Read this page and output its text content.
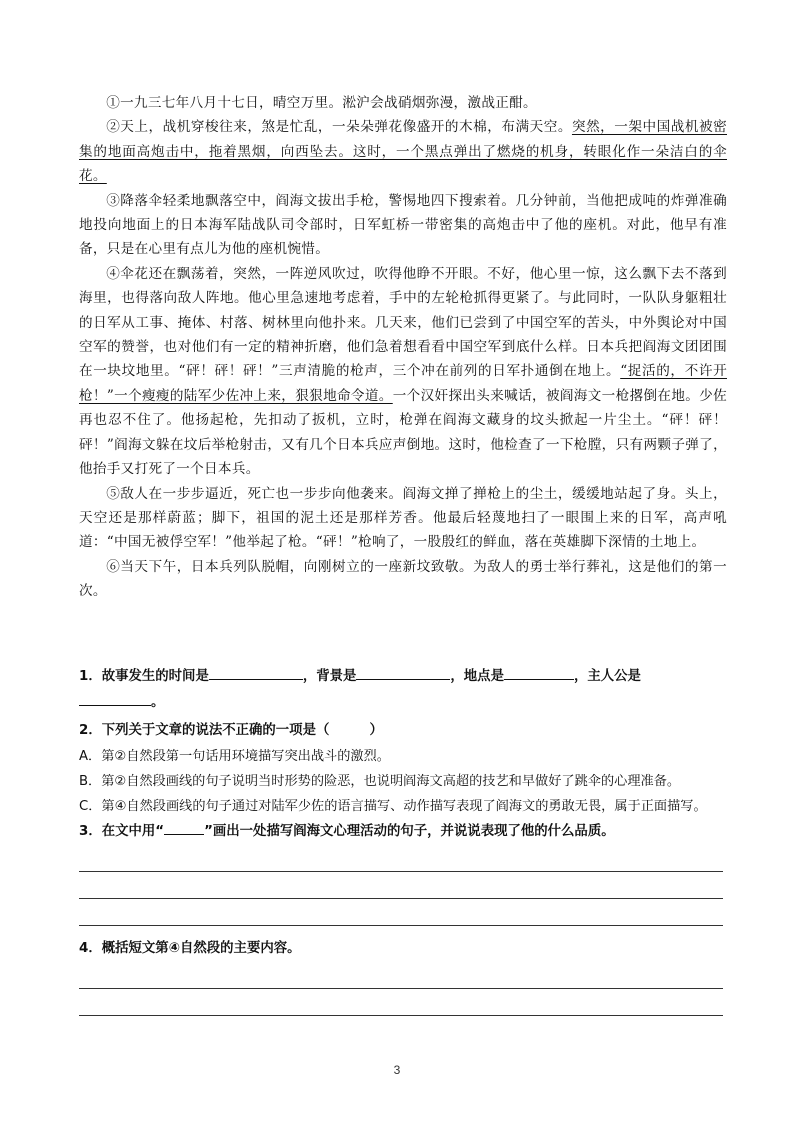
①一九三七年八月十七日，晴空万里。淞沪会战硝烟弥漫，激战正酣。

②天上，战机穿梭往来，煞是忙乱，一朵朵弹花像盛开的木棉，布满天空。突然，一架中国战机被密集的地面高炮击中，拖着黑烟，向西坠去。这时，一个黑点弹出了燃烧的机身，转眼化作一朵洁白的伞花。

③降落伞轻柔地飘落空中，阎海文拔出手枪，警惕地四下搜索着。几分钟前，当他把成吨的炸弹准确地投向地面上的日本海军陆战队司令部时，日军虹桥一带密集的高炮击中了他的座机。对此，他早有准备，只是在心里有点儿为他的座机惋惜。

④伞花还在飘荡着，突然，一阵逆风吹过，吹得他睁不开眼。不好，他心里一惊，这么飘下去不落到海里，也得落向敌人阵地。他心里急速地考虑着，手中的左轮枪抓得更紧了。与此同时，一队队身躯粗壮的日军从工事、掩体、村落、树林里向他扑来。几天来，他们已尝到了中国空军的苦头，中外舆论对中国空军的赞誉，也对他们有一定的精神折磨，他们急着想看看中国空军到底什么样。日本兵把阎海文团团围在一块坟地里。“砰！砰！砰！”三声清脆的枪声，三个冲在前列的日军扑通倒在地上。“捉活的，不许开枪！”一个瘦瘦的陆军少佐冲上来，狠狠地命令道。一个汉奸探出头来喊话，被阎海文一枪撂倒在地。少佐再也忍不住了。他扬起枪，先扣动了扳机，立时，枪弹在阎海文藏身的坟头掀起一片尘土。“砰！砰！砰！”阎海文躲在坟后举枪射击，又有几个日本兵应声倒地。这时，他检查了一下枪膛，只有两颗子弹了，他抬手又打死了一个日本兵。

⑤敌人在一步步逼近，死亡也一步步向他袭来。阎海文掸了掸枪上的尘土，缓缓地站起了身。头上，天空还是那样蔚蓝；脚下，祖国的泥土还是那样芳香。他最后轻蔑地扫了一眼围上来的日军，高声吼道：“中国无被俘空军！”他举起了枪。“砰！”枪响了，一股殷红的鲜血，落在英雄脚下深情的土地上。

⑥当天下午，日本兵列队脱帽，向刚树立的一座新坟致敬。为敌人的勇士举行葬礼，这是他们的第一次。

1．故事发生的时间是	，背景是	，地点是	，主人公是
。

2．下列关于文章的说法不正确的一项是（　　　）

A．第②自然段第一句话用环境描写突出战斗的激烈。

B．第②自然段画线的句子说明当时形势的险恶，也说明阎海文高超的技艺和早做好了跳伞的心理准备。

C．第④自然段画线的句子通过对陆军少佐的语言描写、动作描写表现了阎海文的勇敢无畏，属于正面描写。

3．在文中用“	”画出一处描写阎海文心理活动的句子，并说说表现了他的什么品质。

4．概括短文第④自然段的主要内容。

3
